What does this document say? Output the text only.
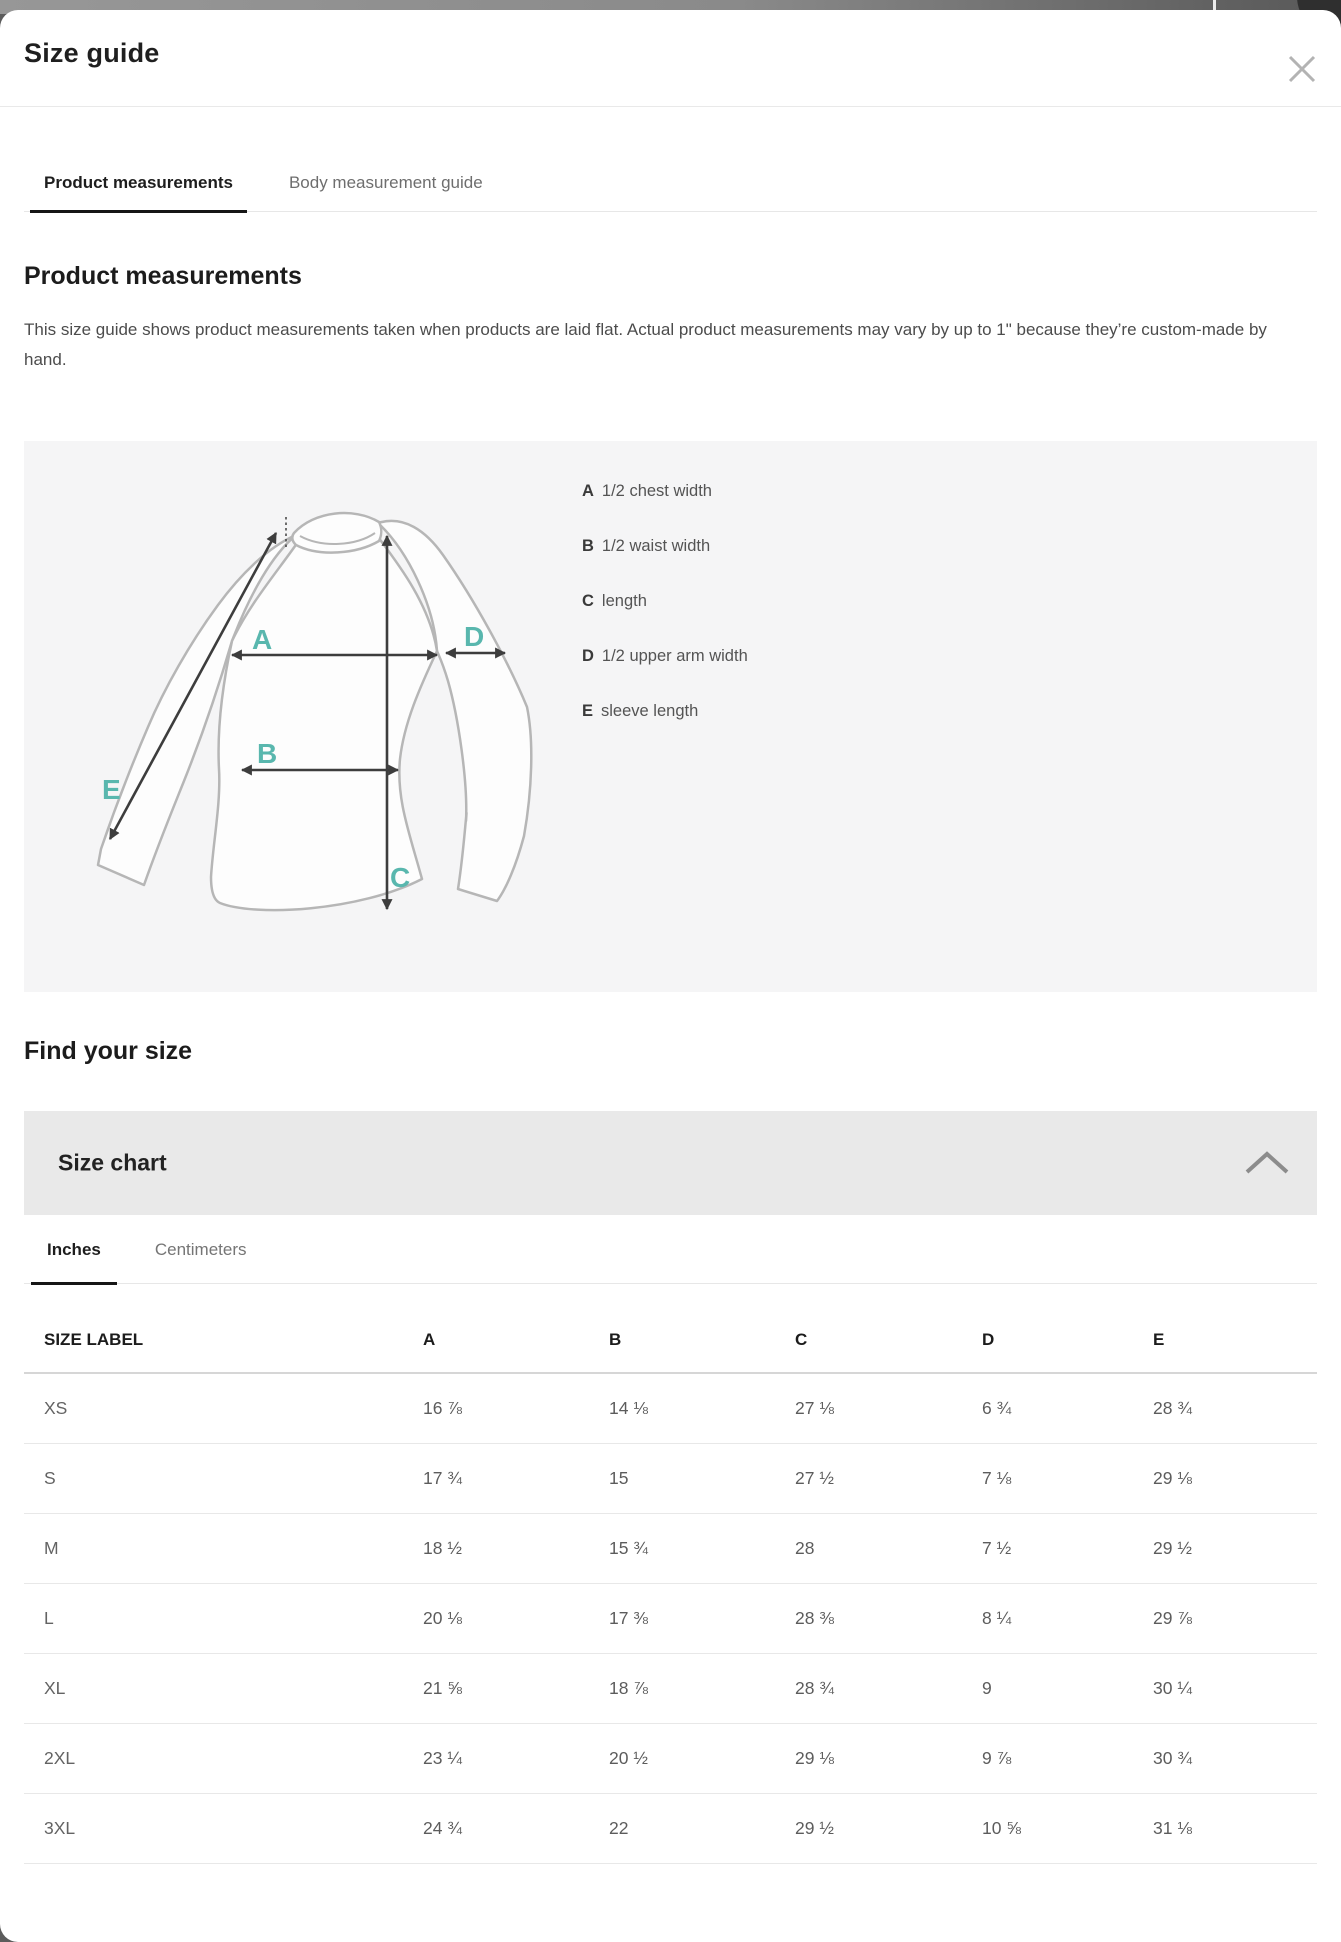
Size guide
Product measurements	Body measurement guide
Product measurements

This size guide shows product measurements taken when products are laid flat. Actual product measurements may vary by up to 1" because they’re custom-made by hand.

A
B
C
D
E
A 1/2 chest width
B 1/2 waist width
C length
D 1/2 upper arm width
E sleeve length
Find your size
Size chart
Inches	Centimeters
SIZE LABEL	A	B	C	D	E
XS	16 ⅞	14 ⅛	27 ⅛	6 ¾	28 ¾
S	17 ¾	15	27 ½	7 ⅛	29 ⅛
M	18 ½	15 ¾	28	7 ½	29 ½
L	20 ⅛	17 ⅜	28 ⅜	8 ¼	29 ⅞
XL	21 ⅝	18 ⅞	28 ¾	9	30 ¼
2XL	23 ¼	20 ½	29 ⅛	9 ⅞	30 ¾
3XL	24 ¾	22	29 ½	10 ⅝	31 ⅛
